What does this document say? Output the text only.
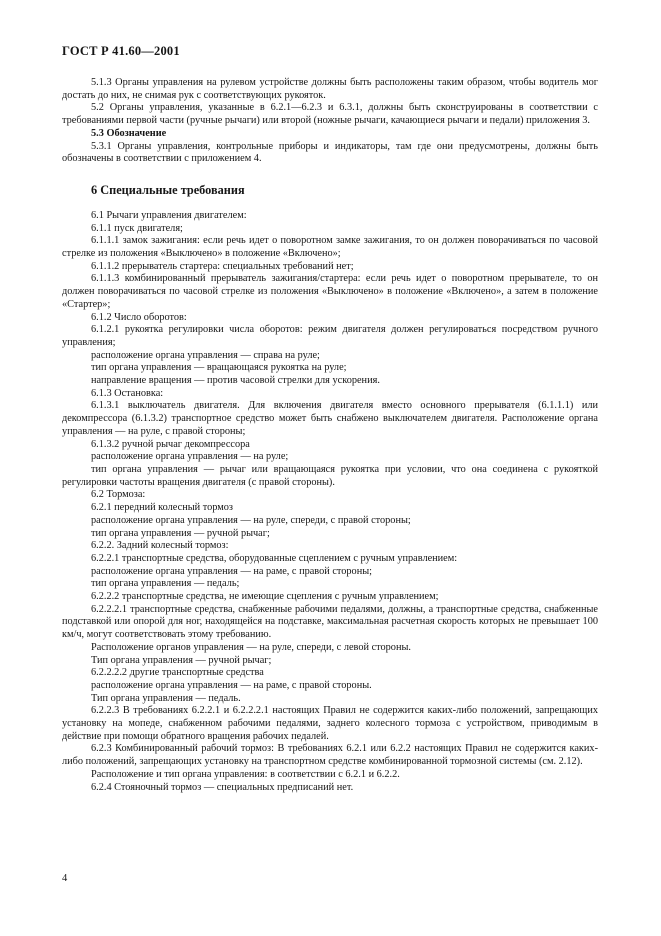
ГОСТ Р 41.60—2001

5.1.3 Органы управления на рулевом устройстве должны быть расположены таким образом, чтобы водитель мог достать до них, не снимая рук с соответствующих рукояток.

5.2 Органы управления, указанные в 6.2.1—6.2.3 и 6.3.1, должны быть сконструированы в соответствии с требованиями первой части (ручные рычаги) или второй (ножные рычаги, качающиеся рычаги и педали) приложения 3.

5.3 Обозначение

5.3.1 Органы управления, контрольные приборы и индикаторы, там где они предусмотрены, должны быть обозначены в соответствии с приложением 4.

6 Специальные требования

6.1 Рычаги управления двигателем:

6.1.1 пуск двигателя;

6.1.1.1 замок зажигания: если речь идет о поворотном замке зажигания, то он должен поворачиваться по часовой стрелке из положения «Выключено» в положение «Включено»;

6.1.1.2 прерыватель стартера: специальных требований нет;

6.1.1.3 комбинированный прерыватель зажигания/стартера: если речь идет о поворотном прерывателе, то он должен поворачиваться по часовой стрелке из положения «Выключено» в положение «Включено», а затем в положение «Стартер»;

6.1.2 Число оборотов:

6.1.2.1 рукоятка регулировки числа оборотов: режим двигателя должен регулироваться посредством ручного управления;

расположение органа управления — справа на руле;

тип органа управления — вращающаяся рукоятка на руле;

направление вращения — против часовой стрелки для ускорения.

6.1.3 Остановка:

6.1.3.1 выключатель двигателя. Для включения двигателя вместо основного прерывателя (6.1.1.1) или декомпрессора (6.1.3.2) транспортное средство может быть снабжено выключателем двигателя. Расположение органа управления — на руле, с правой стороны;

6.1.3.2 ручной рычаг декомпрессора

расположение органа управления — на руле;

тип органа управления — рычаг или вращающаяся рукоятка при условии, что она соединена с рукояткой регулировки частоты вращения двигателя (с правой стороны).

6.2 Тормоза:

6.2.1 передний колесный тормоз

расположение органа управления — на руле, спереди, с правой стороны;

тип органа управления — ручной рычаг;

6.2.2. Задний колесный тормоз:

6.2.2.1 транспортные средства, оборудованные сцеплением с ручным управлением:

расположение органа управления — на раме, с правой стороны;

тип органа управления — педаль;

6.2.2.2 транспортные средства, не имеющие сцепления с ручным управлением;

6.2.2.2.1 транспортные средства, снабженные рабочими педалями, должны, а транспортные средства, снабженные подставкой или опорой для ног, находящейся на подставке, максимальная расчетная скорость которых не превышает 100 км/ч, могут соответствовать этому требованию.

Расположение органов управления — на руле, спереди, с левой стороны.

Тип органа управления — ручной рычаг;

6.2.2.2.2 другие транспортные средства

расположение органа управления — на раме, с правой стороны.

Тип органа управления — педаль.

6.2.2.3 В требованиях 6.2.2.1 и 6.2.2.2.1 настоящих Правил не содержится каких-либо положений, запрещающих установку на мопеде, снабженном рабочими педалями, заднего колесного тормоза с устройством, приводимым в действие при помощи обратного вращения рабочих педалей.

6.2.3 Комбинированный рабочий тормоз: В требованиях 6.2.1 или 6.2.2 настоящих Правил не содержится каких-либо положений, запрещающих установку на транспортном средстве комбинированной тормозной системы (см. 2.12).

Расположение и тип органа управления: в соответствии с 6.2.1 и 6.2.2.

6.2.4 Стояночный тормоз — специальных предписаний нет.

4
